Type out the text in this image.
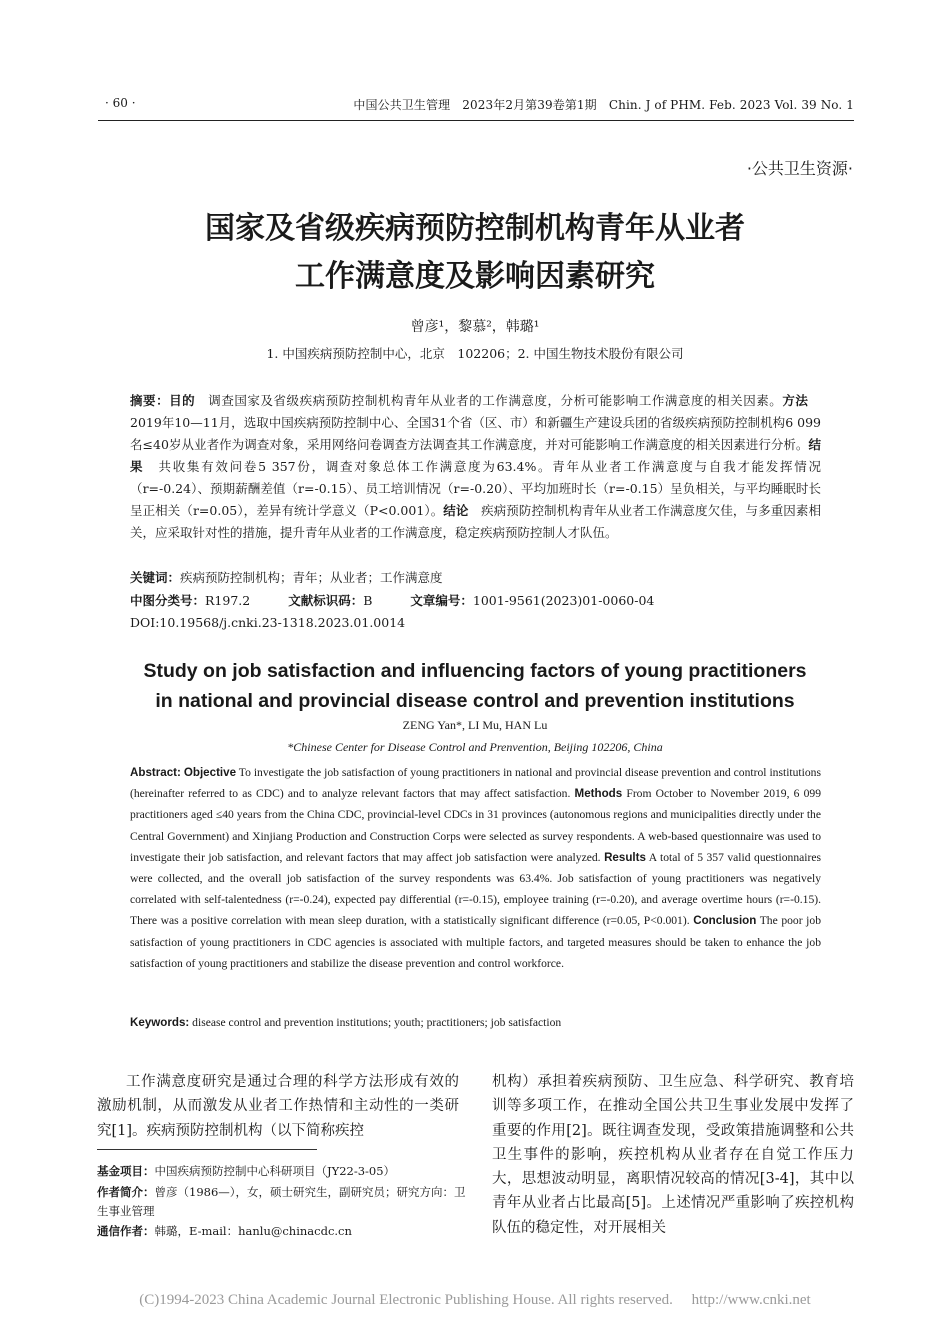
· 60 ·	中国公共卫生管理　2023年2月第39卷第1期　Chin. J of PHM. Feb. 2023 Vol. 39 No. 1
·公共卫生资源·
国家及省级疾病预防控制机构青年从业者
工作满意度及影响因素研究
曾彦¹，黎慕²，韩璐¹
1. 中国疾病预防控制中心，北京　102206；2. 中国生物技术股份有限公司
摘要：目的　调查国家及省级疾病预防控制机构青年从业者的工作满意度，分析可能影响工作满意度的相关因素。方法　2019年10—11月，选取中国疾病预防控制中心、全国31个省（区、市）和新疆生产建设兵团的省级疾病预防控制机构6 099名≤40岁从业者作为调查对象，采用网络问卷调查方法调查其工作满意度，并对可能影响工作满意度的相关因素进行分析。结果　共收集有效问卷5 357份，调查对象总体工作满意度为63.4%。青年从业者工作满意度与自我才能发挥情况（r=-0.24）、预期薪酬差值（r=-0.15）、员工培训情况（r=-0.20）、平均加班时长（r=-0.15）呈负相关，与平均睡眠时长呈正相关（r=0.05），差异有统计学意义（P<0.001）。结论　疾病预防控制机构青年从业者工作满意度欠佳，与多重因素相关，应采取针对性的措施，提升青年从业者的工作满意度，稳定疾病预防控制人才队伍。
关键词：疾病预防控制机构；青年；从业者；工作满意度
中图分类号：R197.2	文献标识码：B	文章编号：1001-9561(2023)01-0060-04
DOI:10.19568/j.cnki.23-1318.2023.01.0014
Study on job satisfaction and influencing factors of young practitioners
in national and provincial disease control and prevention institutions
ZENG Yan*, LI Mu, HAN Lu
*Chinese Center for Disease Control and Prenvention, Beijing 102206, China
Abstract: Objective To investigate the job satisfaction of young practitioners in national and provincial disease prevention and control institutions (hereinafter referred to as CDC) and to analyze relevant factors that may affect satisfaction. Methods From October to November 2019, 6 099 practitioners aged ≤40 years from the China CDC, provincial-level CDCs in 31 provinces (autonomous regions and municipalities directly under the Central Government) and Xinjiang Production and Construction Corps were selected as survey respondents. A web-based questionnaire was used to investigate their job satisfaction, and relevant factors that may affect job satisfaction were analyzed. Results A total of 5 357 valid questionnaires were collected, and the overall job satisfaction of the survey respondents was 63.4%. Job satisfaction of young practitioners was negatively correlated with self-talentedness (r=-0.24), expected pay differential (r=-0.15), employee training (r=-0.20), and average overtime hours (r=-0.15). There was a positive correlation with mean sleep duration, with a statistically significant difference (r=0.05, P<0.001). Conclusion The poor job satisfaction of young practitioners in CDC agencies is associated with multiple factors, and targeted measures should be taken to enhance the job satisfaction of young practitioners and stabilize the disease prevention and control workforce.
Keywords: disease control and prevention institutions; youth; practitioners; job satisfaction
工作满意度研究是通过合理的科学方法形成有效的激励机制，从而激发从业者工作热情和主动性的一类研究[1]。疾病预防控制机构（以下简称疾控
机构）承担着疾病预防、卫生应急、科学研究、教育培训等多项工作，在推动全国公共卫生事业发展中发挥了重要的作用[2]。既往调查发现，受政策措施调整和公共卫生事件的影响，疾控机构从业者存在自觉工作压力大，思想波动明显，离职情况较高的情况[3-4]，其中以青年从业者占比最高[5]。上述情况严重影响了疾控机构队伍的稳定性，对开展相关
基金项目：中国疾病预防控制中心科研项目（JY22-3-05）
作者简介：曾彦（1986—），女，硕士研究生，副研究员；研究方向：卫生事业管理
通信作者：韩璐，E-mail：hanlu@chinacdc.cn
(C)1994-2023 China Academic Journal Electronic Publishing House. All rights reserved.　 http://www.cnki.net
